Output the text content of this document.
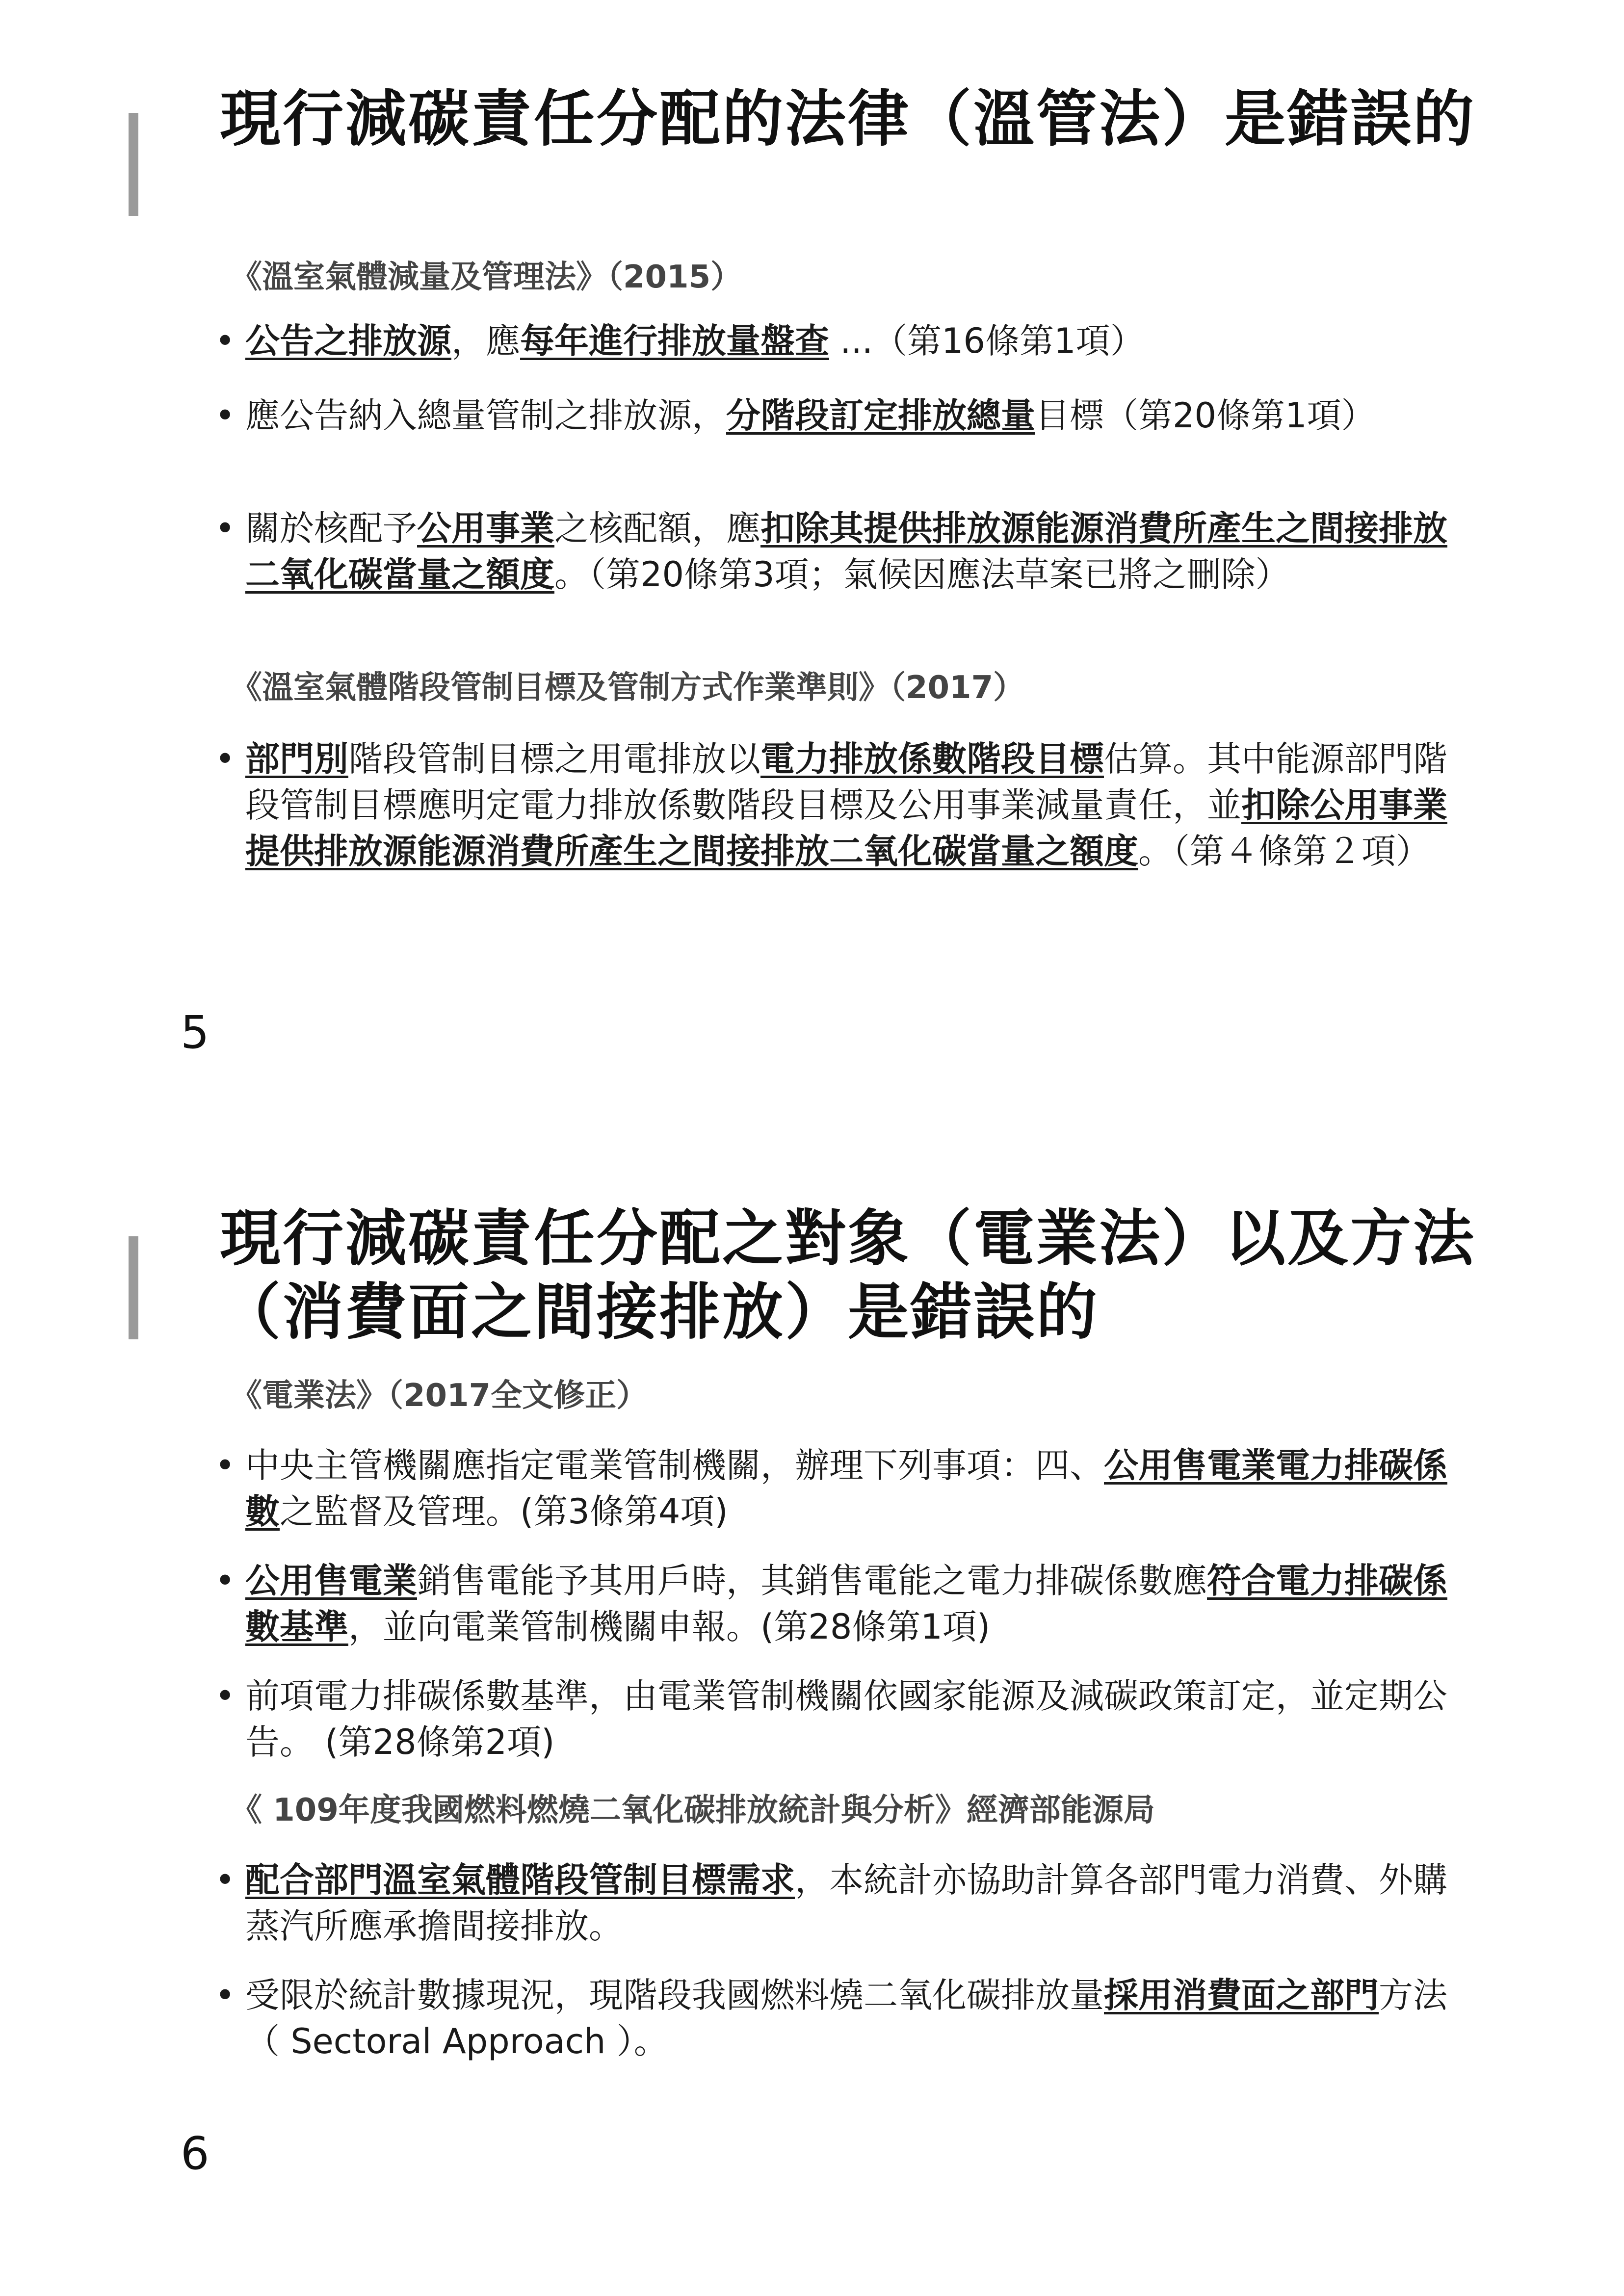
現行減碳責任分配的法律（溫管法）是錯誤的

《溫室氣體減量及管理法》（2015）

• 公告之排放源，應每年進行排放量盤查 ...（第16條第1項）
• 應公告納入總量管制之排放源，分階段訂定排放總量目標（第20條第1項）
• 關於核配予公用事業之核配額，應扣除其提供排放源能源消費所產生之間接排放二氧化碳當量之額度。（第20條第3項；氣候因應法草案已將之刪除）

《溫室氣體階段管制目標及管制方式作業準則》（2017）

• 部門別階段管制目標之用電排放以電力排放係數階段目標估算。其中能源部門階段管制目標應明定電力排放係數階段目標及公用事業減量責任，並扣除公用事業提供排放源能源消費所產生之間接排放二氧化碳當量之額度。（第４條第２項）
5
現行減碳責任分配之對象（電業法）以及方法（消費面之間接排放）是錯誤的

《電業法》（2017全文修正）

• 中央主管機關應指定電業管制機關，辦理下列事項：四、公用售電業電力排碳係數之監督及管理。(第3條第4項)
• 公用售電業銷售電能予其用戶時，其銷售電能之電力排碳係數應符合電力排碳係數基準，並向電業管制機關申報。(第28條第1項)
• 前項電力排碳係數基準，由電業管制機關依國家能源及減碳政策訂定，並定期公告。 (第28條第2項)

《 109年度我國燃料燃燒二氧化碳排放統計與分析》經濟部能源局

• 配合部門溫室氣體階段管制目標需求，本統計亦協助計算各部門電力消費、外購蒸汽所應承擔間接排放。
• 受限於統計數據現況，現階段我國燃料燒二氧化碳排放量採用消費面之部門方法（ Sectoral Approach ）。
6
